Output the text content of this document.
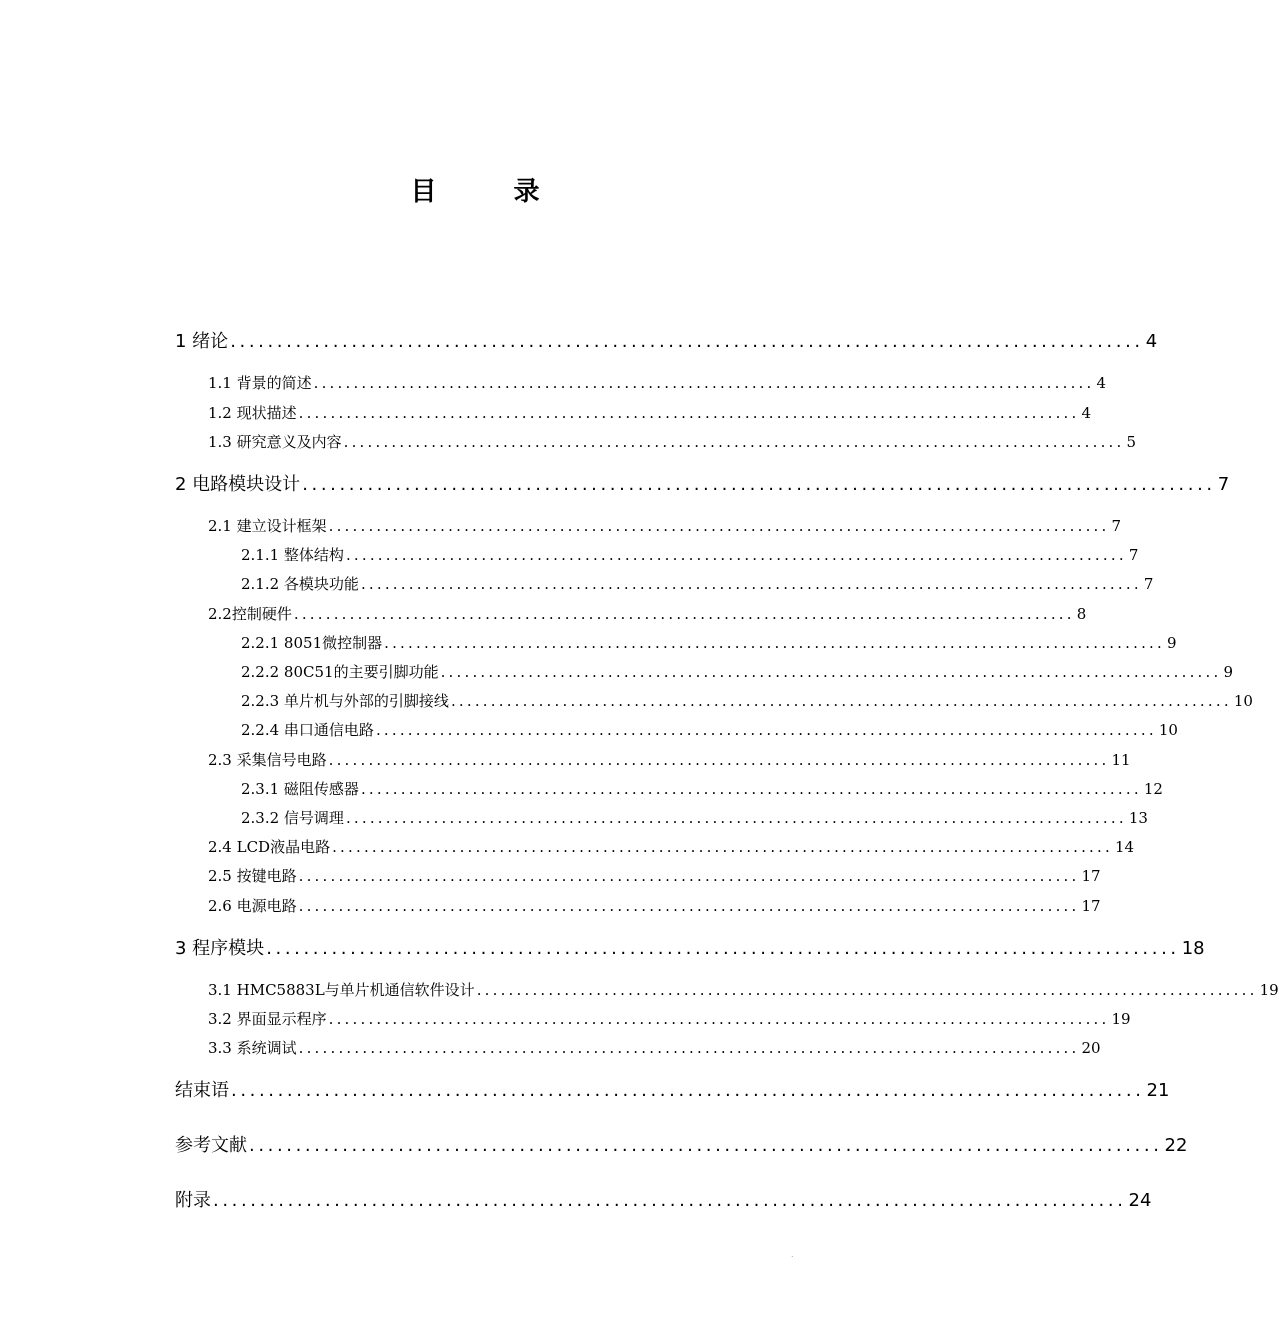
目 录
1 绪论 .................................................................................................. 4
1.1 背景的简述 .................................................................................................. 4
1.2 现状描述 .................................................................................................. 4
1.3 研究意义及内容 .................................................................................................. 5
2 电路模块设计 .................................................................................................. 7
2.1 建立设计框架 .................................................................................................. 7
2.1.1 整体结构 .................................................................................................. 7
2.1.2 各模块功能 .................................................................................................. 7
2.2控制硬件 .................................................................................................. 8
2.2.1 8051微控制器 .................................................................................................. 9
2.2.2 80C51的主要引脚功能 .................................................................................................. 9
2.2.3 单片机与外部的引脚接线 .................................................................................................. 10
2.2.4 串口通信电路 .................................................................................................. 10
2.3 采集信号电路 .................................................................................................. 11
2.3.1 磁阻传感器 .................................................................................................. 12
2.3.2 信号调理 .................................................................................................. 13
2.4 LCD液晶电路 .................................................................................................. 14
2.5 按键电路 .................................................................................................. 17
2.6 电源电路 .................................................................................................. 17
3 程序模块 .................................................................................................. 18
3.1 HMC5883L与单片机通信软件设计 .................................................................................................. 19
3.2 界面显示程序 .................................................................................................. 19
3.3 系统调试 .................................................................................................. 20
结束语 .................................................................................................. 21
参考文献 .................................................................................................. 22
附录 .................................................................................................. 24
.
